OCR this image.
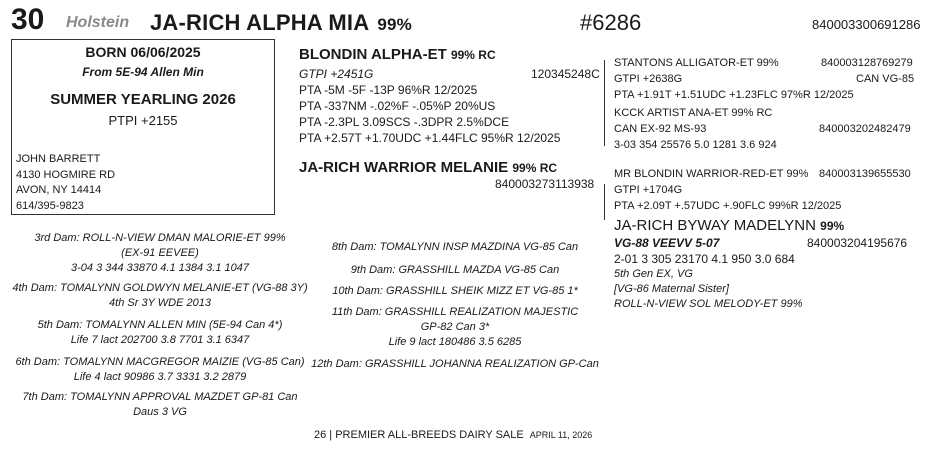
30 Holstein JA-RICH ALPHA MIA 99%	#6286	840003300691286
BORN 06/06/2025
From 5E-94 Allen Min
SUMMER YEARLING 2026
PTPI +2155
JOHN BARRETT
4130 HOGMIRE RD
AVON, NY 14414
614/395-9823
BLONDIN ALPHA-ET 99% RC
GTPI +2451G	120345248C
PTA -5M -5F -13P 96%R 12/2025
PTA -337NM -.02%F -.05%P 20%US
PTA -2.3PL 3.09SCS -.3DPR 2.5%DCE
PTA +2.57T +1.70UDC +1.44FLC 95%R 12/2025
JA-RICH WARRIOR MELANIE 99% RC
840003273113938
STANTONS ALLIGATOR-ET 99%	840003128769279
GTPI +2638G	CAN VG-85
PTA +1.91T +1.51UDC +1.23FLC 97%R 12/2025
KCCK ARTIST ANA-ET 99% RC
CAN EX-92 MS-93	840003202482479
3-03 354 25576 5.0 1281 3.6 924
MR BLONDIN WARRIOR-RED-ET 99% 840003139655530
GTPI +1704G
PTA +2.09T +.57UDC +.90FLC 99%R 12/2025
JA-RICH BYWAY MADELYNN 99%
VG-88 VEEVV 5-07	840003204195676
2-01 3 305 23170 4.1 950 3.0 684
5th Gen EX, VG
[VG-86 Maternal Sister]
ROLL-N-VIEW SOL MELODY-ET 99%
3rd Dam: ROLL-N-VIEW DMAN MALORIE-ET 99%
(EX-91 EEVEE)
3-04 3 344 33870 4.1 1384 3.1 1047
4th Dam: TOMALYNN GOLDWYN MELANIE-ET (VG-88 3Y)
4th Sr 3Y WDE 2013
5th Dam: TOMALYNN ALLEN MIN (5E-94 Can 4*)
Life 7 lact 202700 3.8 7701 3.1 6347
6th Dam: TOMALYNN MACGREGOR MAIZIE (VG-85 Can)
Life 4 lact 90986 3.7 3331 3.2 2879
7th Dam: TOMALYNN APPROVAL MAZDET GP-81 Can
Daus 3 VG
8th Dam: TOMALYNN INSP MAZDINA VG-85 Can
9th Dam: GRASSHILL MAZDA VG-85 Can
10th Dam: GRASSHILL SHEIK MIZZ ET VG-85 1*
11th Dam: GRASSHILL REALIZATION MAJESTIC
GP-82 Can 3*
Life 9 lact 180486 3.5 6285
12th Dam: GRASSHILL JOHANNA REALIZATION GP-Can
26 | PREMIER ALL-BREEDS DAIRY SALE APRIL 11, 2026
